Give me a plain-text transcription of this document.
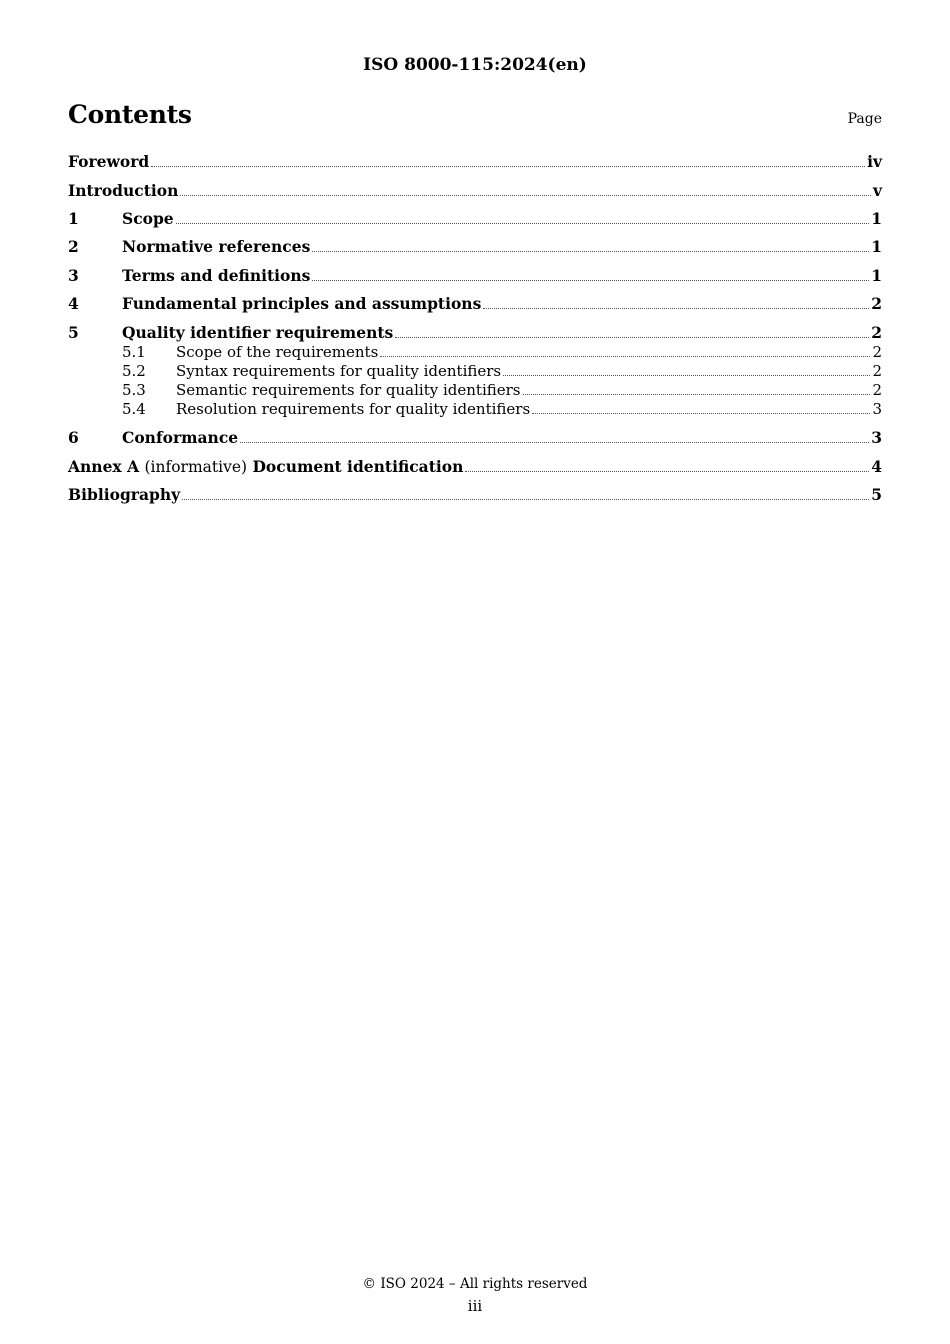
ISO 8000-115:2024(en)
Contents	Page
Foreword	iv
Introduction	v
1	Scope	1
2	Normative references	1
3	Terms and definitions	1
4	Fundamental principles and assumptions	2
5	Quality identifier requirements	2
5.1	Scope of the requirements	2
5.2	Syntax requirements for quality identifiers	2
5.3	Semantic requirements for quality identifiers	2
5.4	Resolution requirements for quality identifiers	3
6	Conformance	3
Annex A (informative) Document identification	4
Bibliography	5
© ISO 2024 – All rights reserved
iii
